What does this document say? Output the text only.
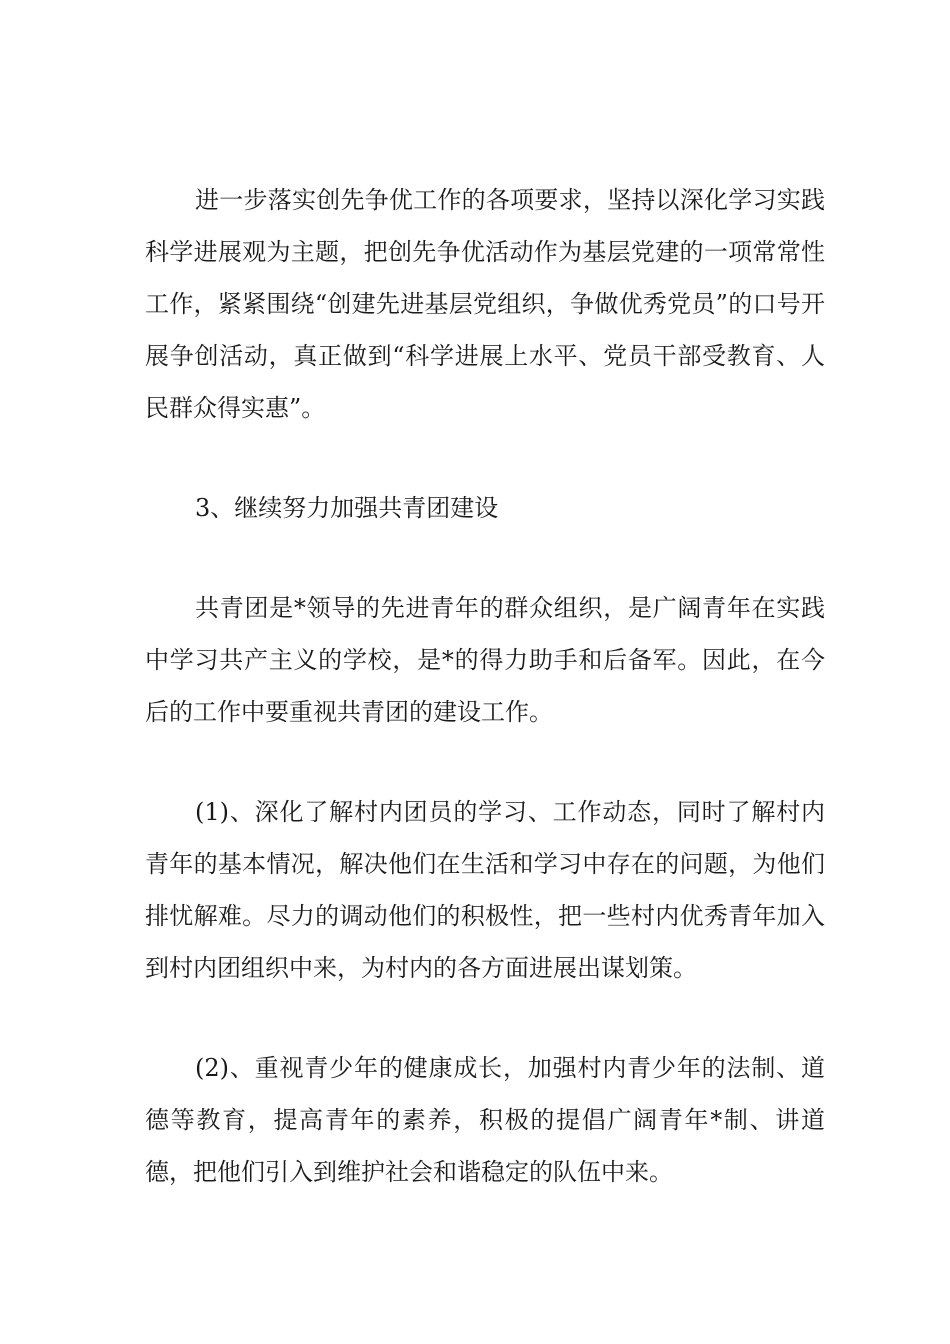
进一步落实创先争优工作的各项要求，坚持以深化学习实践科学进展观为主题，把创先争优活动作为基层党建的一项常常性工作，紧紧围绕“创建先进基层党组织，争做优秀党员”的口号开展争创活动，真正做到“科学进展上水平、党员干部受教育、人民群众得实惠”。

3、继续努力加强共青团建设

共青团是*领导的先进青年的群众组织，是广阔青年在实践中学习共产主义的学校，是*的得力助手和后备军。因此，在今后的工作中要重视共青团的建设工作。

(1)、深化了解村内团员的学习、工作动态，同时了解村内青年的基本情况，解决他们在生活和学习中存在的问题，为他们排忧解难。尽力的调动他们的积极性，把一些村内优秀青年加入到村内团组织中来，为村内的各方面进展出谋划策。

(2)、重视青少年的健康成长，加强村内青少年的法制、道德等教育，提高青年的素养，积极的提倡广阔青年*制、讲道德，把他们引入到维护社会和谐稳定的队伍中来。
